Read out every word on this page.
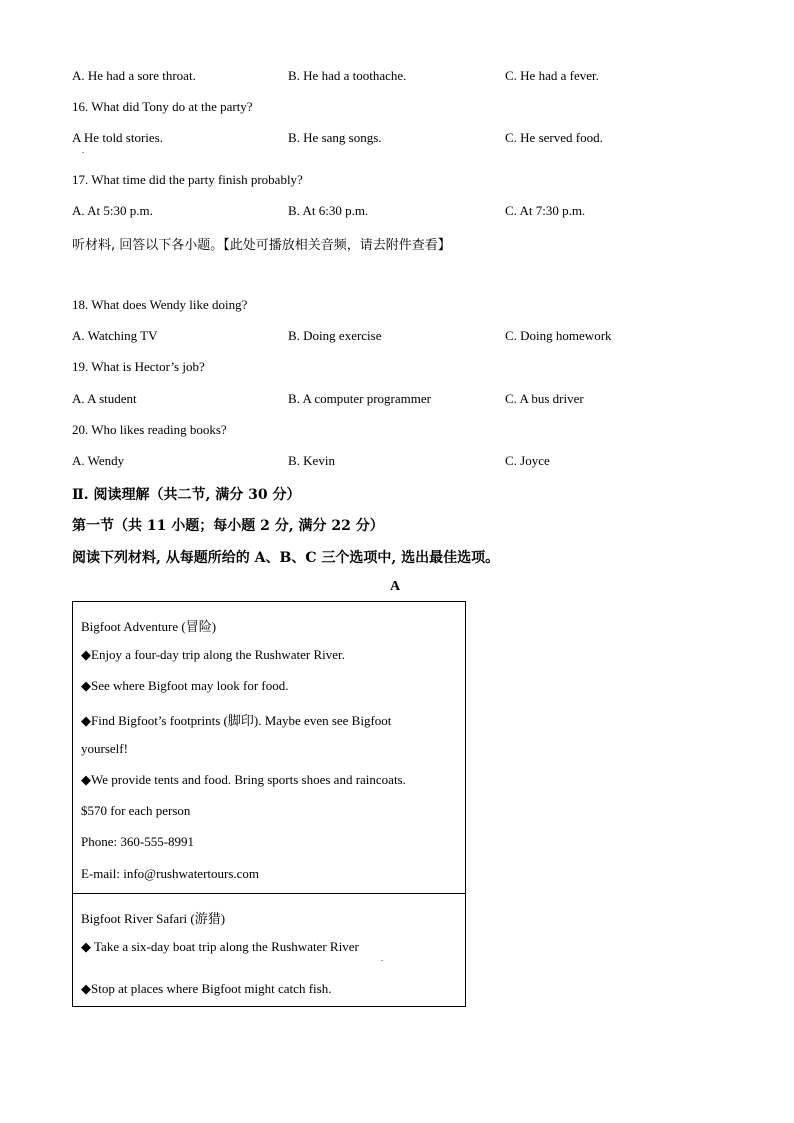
A. He had a sore throat.	B. He had a toothache.	C. He had a fever.
16. What did Tony do at the party?
A He told stories.
.
B. He sang songs.	C. He served food.
17. What time did the party finish probably?
A. At 5:30 p.m.	B. At 6:30 p.m.	C. At 7:30 p.m.
听材料, 回答以下各小题。【此处可播放相关音频，请去附件查看】
18. What does Wendy like doing?
A. Watching TV	B. Doing exercise	C. Doing homework
19. What is Hector’s job?
A. A student	B. A computer programmer	C. A bus driver
20. Who likes reading books?
A. Wendy	B. Kevin	C. Joyce
Ⅱ. 阅读理解（共二节, 满分 30 分）
第一节（共 11 小题；每小题 2 分, 满分 22 分）
阅读下列材料, 从每题所给的 A、B、C 三个选项中, 选出最佳选项。
A
Bigfoot Adventure (冒险)
◆Enjoy a four-day trip along the Rushwater River.
◆See where Bigfoot may look for food.
◆Find Bigfoot’s footprints (脚印). Maybe even see Bigfoot
yourself!
◆We provide tents and food. Bring sports shoes and raincoats.
$570 for each person
Phone: 360-555-8991
E-mail: info@rushwatertours.com
Bigfoot River Safari (游猎)
◆ Take a six-day boat trip along the Rushwater River
.
◆Stop at places where Bigfoot might catch fish.
